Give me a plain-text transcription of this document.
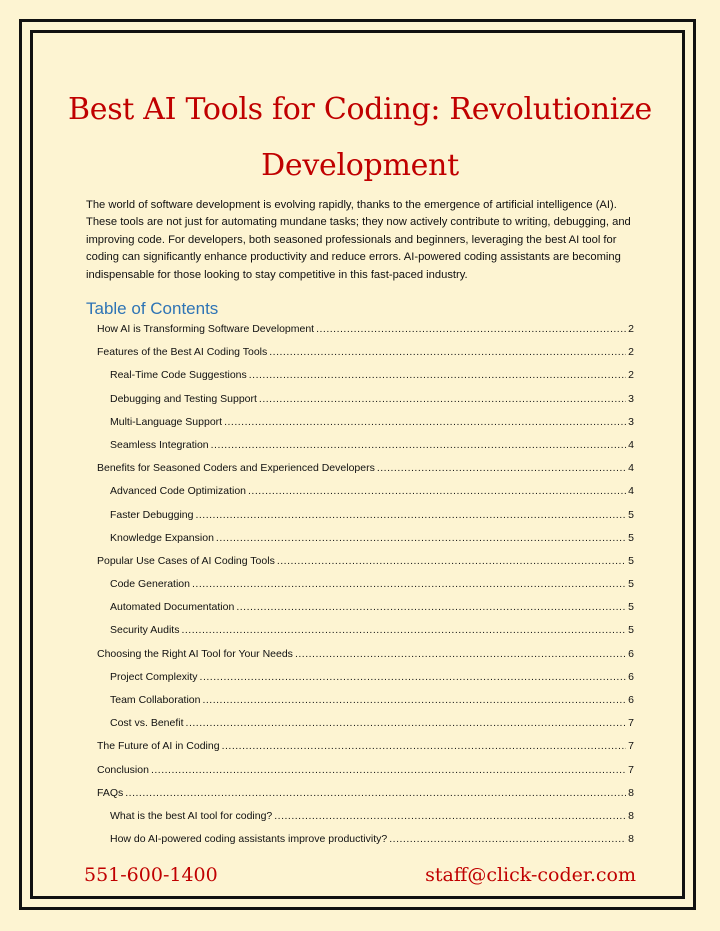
Best AI Tools for Coding: Revolutionize Development

The world of software development is evolving rapidly, thanks to the emergence of artificial intelligence (AI). These tools are not just for automating mundane tasks; they now actively contribute to writing, debugging, and improving code. For developers, both seasoned professionals and beginners, leveraging the best AI tool for coding can significantly enhance productivity and reduce errors. AI-powered coding assistants are becoming indispensable for those looking to stay competitive in this fast-paced industry.

Table of Contents
How AI is Transforming Software Development .....	2
Features of the Best AI Coding Tools .....	2
Real-Time Code Suggestions .....	2
Debugging and Testing Support .....	3
Multi-Language Support .....	3
Seamless Integration .....	4
Benefits for Seasoned Coders and Experienced Developers .....	4
Advanced Code Optimization .....	4
Faster Debugging .....	5
Knowledge Expansion .....	5
Popular Use Cases of AI Coding Tools .....	5
Code Generation .....	5
Automated Documentation .....	5
Security Audits .....	5
Choosing the Right AI Tool for Your Needs .....	6
Project Complexity .....	6
Team Collaboration .....	6
Cost vs. Benefit .....	7
The Future of AI in Coding .....	7
Conclusion .....	7
FAQs .....	8
What is the best AI tool for coding? .....	8
How do AI-powered coding assistants improve productivity? .....	8
551-600-1400	staff@click-coder.com
